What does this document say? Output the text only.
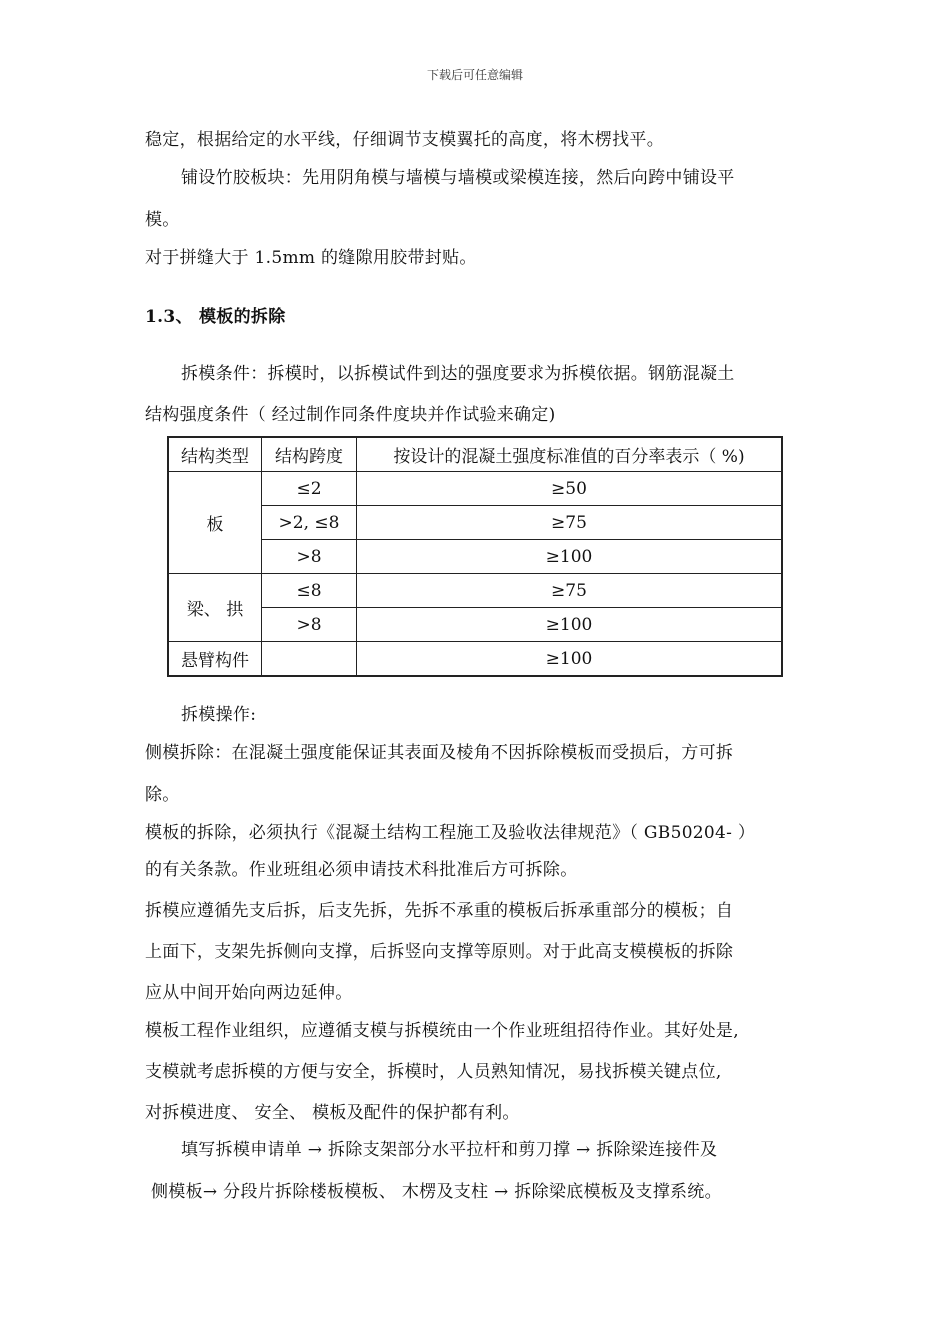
下载后可任意编辑
稳定，根据给定的水平线，仔细调节支模翼托的高度，将木楞找平。
铺设竹胶板块：先用阴角模与墙模与墙模或梁模连接，然后向跨中铺设平
模。
对于拼缝大于 1.5mm 的缝隙用胶带封贴。
1.3、 模板的拆除
拆模条件：拆模时，以拆模试件到达的强度要求为拆模依据。钢筋混凝土
结构强度条件（ 经过制作同条件度块并作试验来确定)
结构类型	结构跨度	按设计的混凝土强度标准值的百分率表示（ %)
板	≤2	≥50
	>2, ≤8	≥75
	>8	≥100
梁、 拱	≤8	≥75
	>8	≥100
悬臂构件		≥100
拆模操作:
侧模拆除：在混凝土强度能保证其表面及棱角不因拆除模板而受损后，方可拆
除。
模板的拆除，必须执行《混凝土结构工程施工及验收法律规范》（ GB50204- ）
的有关条款。作业班组必须申请技术科批准后方可拆除。
拆模应遵循先支后拆，后支先拆，先拆不承重的模板后拆承重部分的模板；自
上面下，支架先拆侧向支撑，后拆竖向支撑等原则。对于此高支模模板的拆除
应从中间开始向两边延伸。
模板工程作业组织，应遵循支模与拆模统由一个作业班组招待作业。其好处是,
支模就考虑拆模的方便与安全，拆模时，人员熟知情况，易找拆模关键点位,
对拆模进度、 安全、 模板及配件的保护都有利。
填写拆模申请单 → 拆除支架部分水平拉杆和剪刀撑 → 拆除梁连接件及
侧模板→ 分段片拆除楼板模板、 木楞及支柱 → 拆除梁底模板及支撑系统。
